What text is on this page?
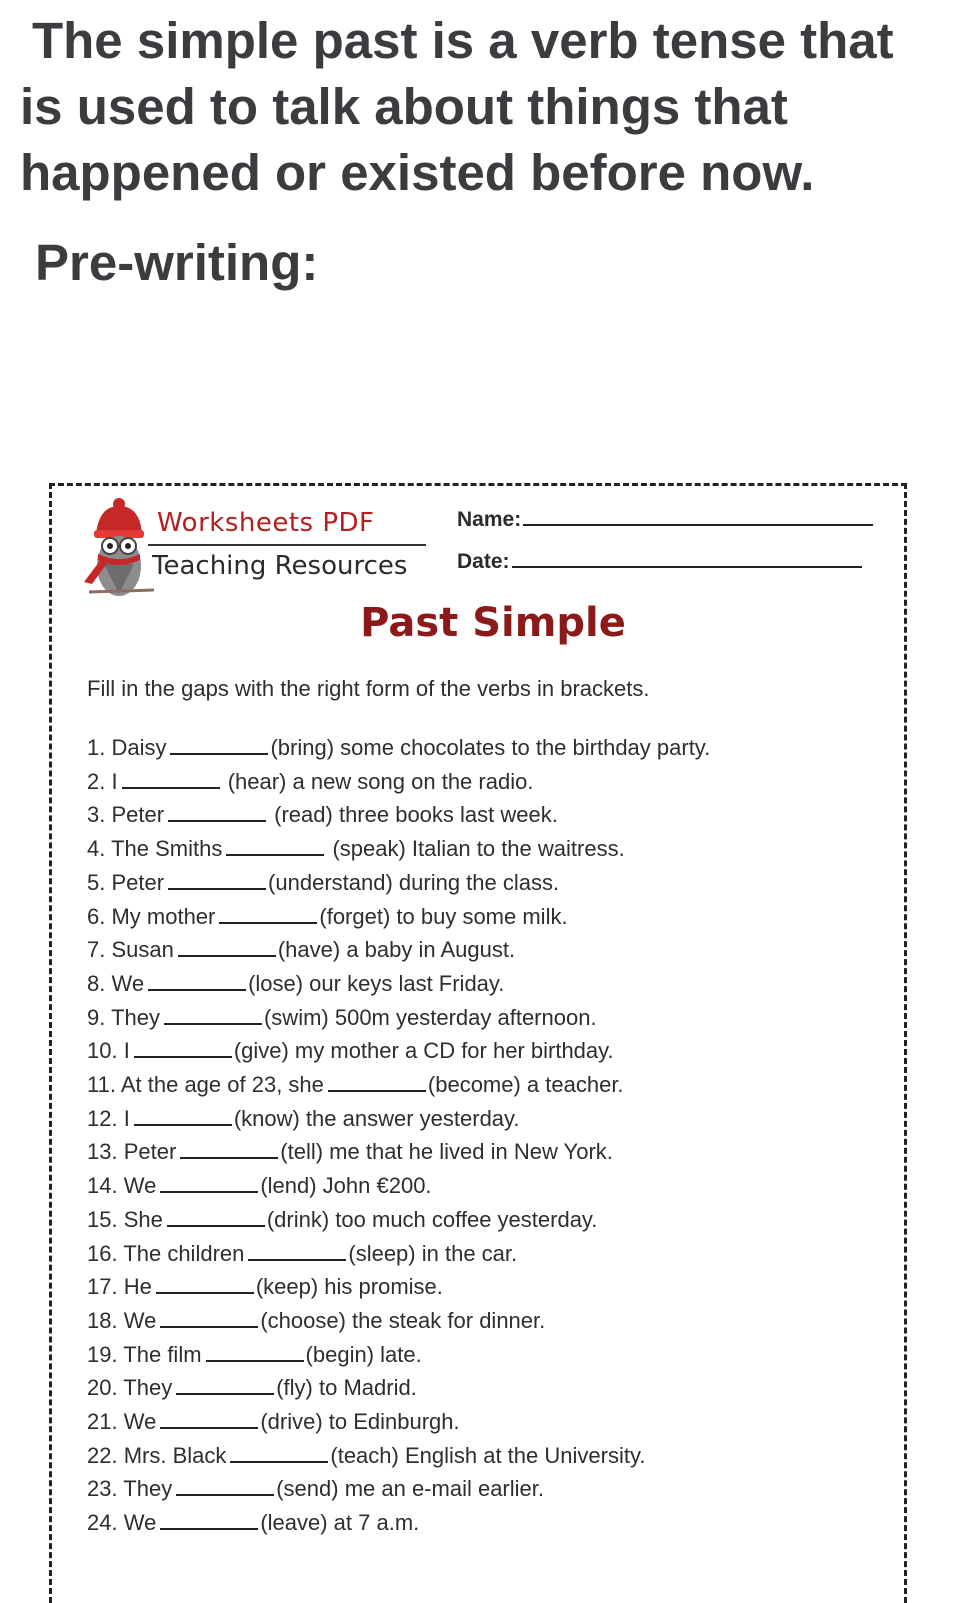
The simple past is a verb tense that
is used to talk about things that
happened or existed before now.
Pre-writing:
Worksheets PDF
Teaching Resources
Name:
Date:
Past Simple
Fill in the gaps with the right form of the verbs in brackets.
1. Daisy	(bring) some chocolates to the birthday party.
2. I	(hear) a new song on the radio.
3. Peter	(read) three books last week.
4. The Smiths	(speak) Italian to the waitress.
5. Peter	(understand) during the class.
6. My mother	(forget) to buy some milk.
7. Susan	(have) a baby in August.
8. We	(lose) our keys last Friday.
9. They	(swim) 500m yesterday afternoon.
10. I	(give) my mother a CD for her birthday.
11. At the age of 23, she	(become) a teacher.
12. I	(know) the answer yesterday.
13. Peter	(tell) me that he lived in New York.
14. We	(lend) John €200.
15. She	(drink) too much coffee yesterday.
16. The children	(sleep) in the car.
17. He	(keep) his promise.
18. We	(choose) the steak for dinner.
19. The film	(begin) late.
20. They	(fly) to Madrid.
21. We	(drive) to Edinburgh.
22. Mrs. Black	(teach) English at the University.
23. They	(send) me an e-mail earlier.
24. We	(leave) at 7 a.m.
